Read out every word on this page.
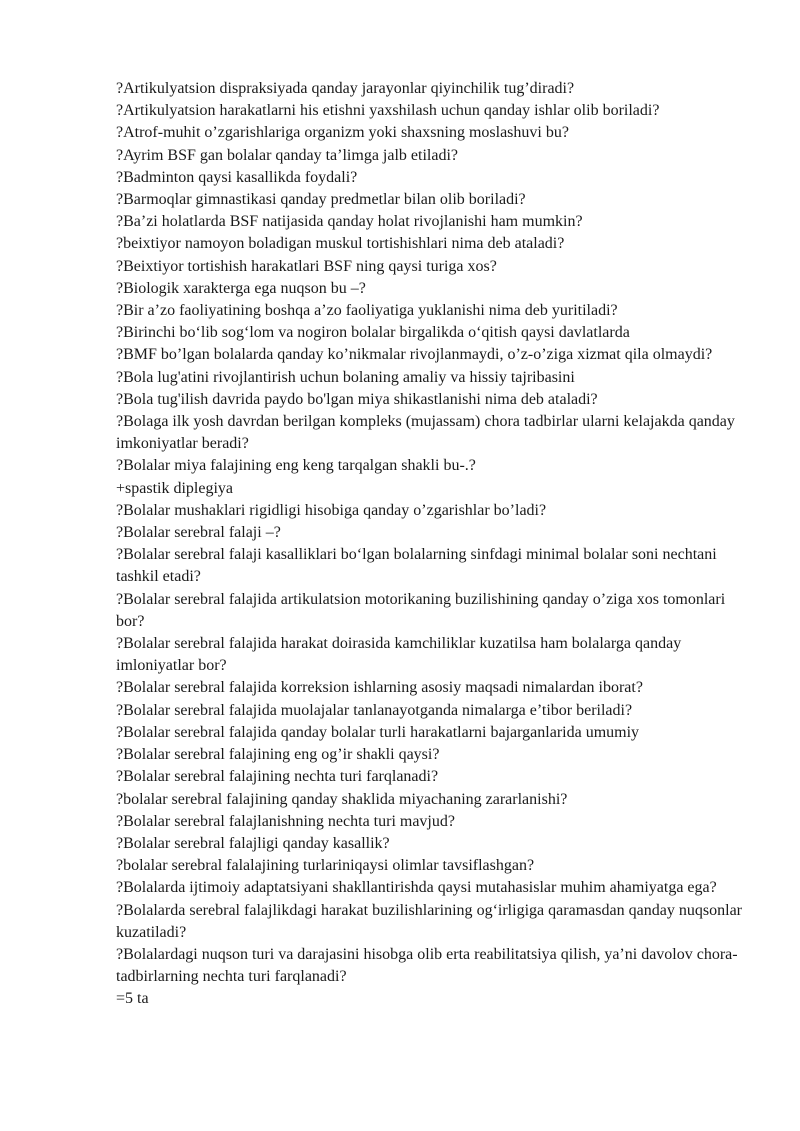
?Artikulyatsion dispraksiyada qanday jarayonlar qiyinchilik tug’diradi?

?Artikulyatsion harakatlarni his etishni yaxshilash uchun qanday ishlar olib boriladi?

?Atrof-muhit o’zgarishlariga organizm yoki shaxsning moslashuvi bu?

?Ayrim BSF gan bolalar qanday ta’limga jalb etiladi?

?Badminton qaysi kasallikda foydali?

?Barmoqlar gimnastikasi qanday predmetlar bilan olib boriladi?

?Ba’zi holatlarda BSF natijasida qanday holat rivojlanishi ham mumkin?

?beixtiyor namoyon boladigan muskul tortishishlari nima deb ataladi?

?Beixtiyor tortishish harakatlari BSF ning qaysi turiga xos?

?Biologik xarakterga ega nuqson bu –?

?Bir a’zo faoliyatining boshqa a’zo faoliyatiga yuklanishi nima deb yuritiladi?

?Birinchi bo‘lib sog‘lom va nogiron bolalar birgalikda o‘qitish qaysi davlatlarda

?BMF bo’lgan bolalarda qanday ko’nikmalar rivojlanmaydi, o’z-o’ziga xizmat qila olmaydi?

?Bola lug'atini rivojlantirish uchun bolaning amaliy va hissiy tajribasini

?Bola tug'ilish davrida paydo bo'lgan miya shikastlanishi nima deb ataladi?

?Bolaga ilk yosh davrdan berilgan kompleks (mujassam) chora tadbirlar ularni kelajakda qanday imkoniyatlar beradi?

?Bolalar miya falajining eng keng tarqalgan shakli bu-.?

+spastik diplegiya

?Bolalar mushaklari rigidligi hisobiga qanday o’zgarishlar bo’ladi?

?Bolalar serebral falaji –?

?Bolalar serebral falaji kasalliklari bo‘lgan bolalarning sinfdagi minimal bolalar soni nechtani tashkil etadi?

?Bolalar serebral falajida artikulatsion motorikaning buzilishining qanday o’ziga xos tomonlari bor?

?Bolalar serebral falajida harakat doirasida kamchiliklar kuzatilsa ham bolalarga qanday imloniyatlar bor?

?Bolalar serebral falajida korreksion ishlarning asosiy maqsadi nimalardan iborat?

?Bolalar serebral falajida muolajalar tanlanayotganda nimalarga e’tibor beriladi?

?Bolalar serebral falajida qanday bolalar turli harakatlarni bajarganlarida umumiy

?Bolalar serebral falajining eng og’ir shakli qaysi?

?Bolalar serebral falajining nechta turi farqlanadi?

?bolalar serebral falajining qanday shaklida miyachaning zararlanishi?

?Bolalar serebral falajlanishning nechta turi mavjud?

?Bolalar serebral falajligi qanday kasallik?

?bolalar serebral falalajining turlariniqaysi olimlar tavsiflashgan?

?Bolalarda ijtimoiy adaptatsiyani shakllantirishda qaysi mutahasislar muhim ahamiyatga ega?

?Bolalarda serebral falajlikdagi harakat buzilishlarining og‘irligiga qaramasdan qanday nuqsonlar kuzatiladi?

?Bolalardagi nuqson turi va darajasini hisobga olib erta reabilitatsiya qilish, ya’ni davolov chora-tadbirlarning nechta turi farqlanadi?

=5 ta
